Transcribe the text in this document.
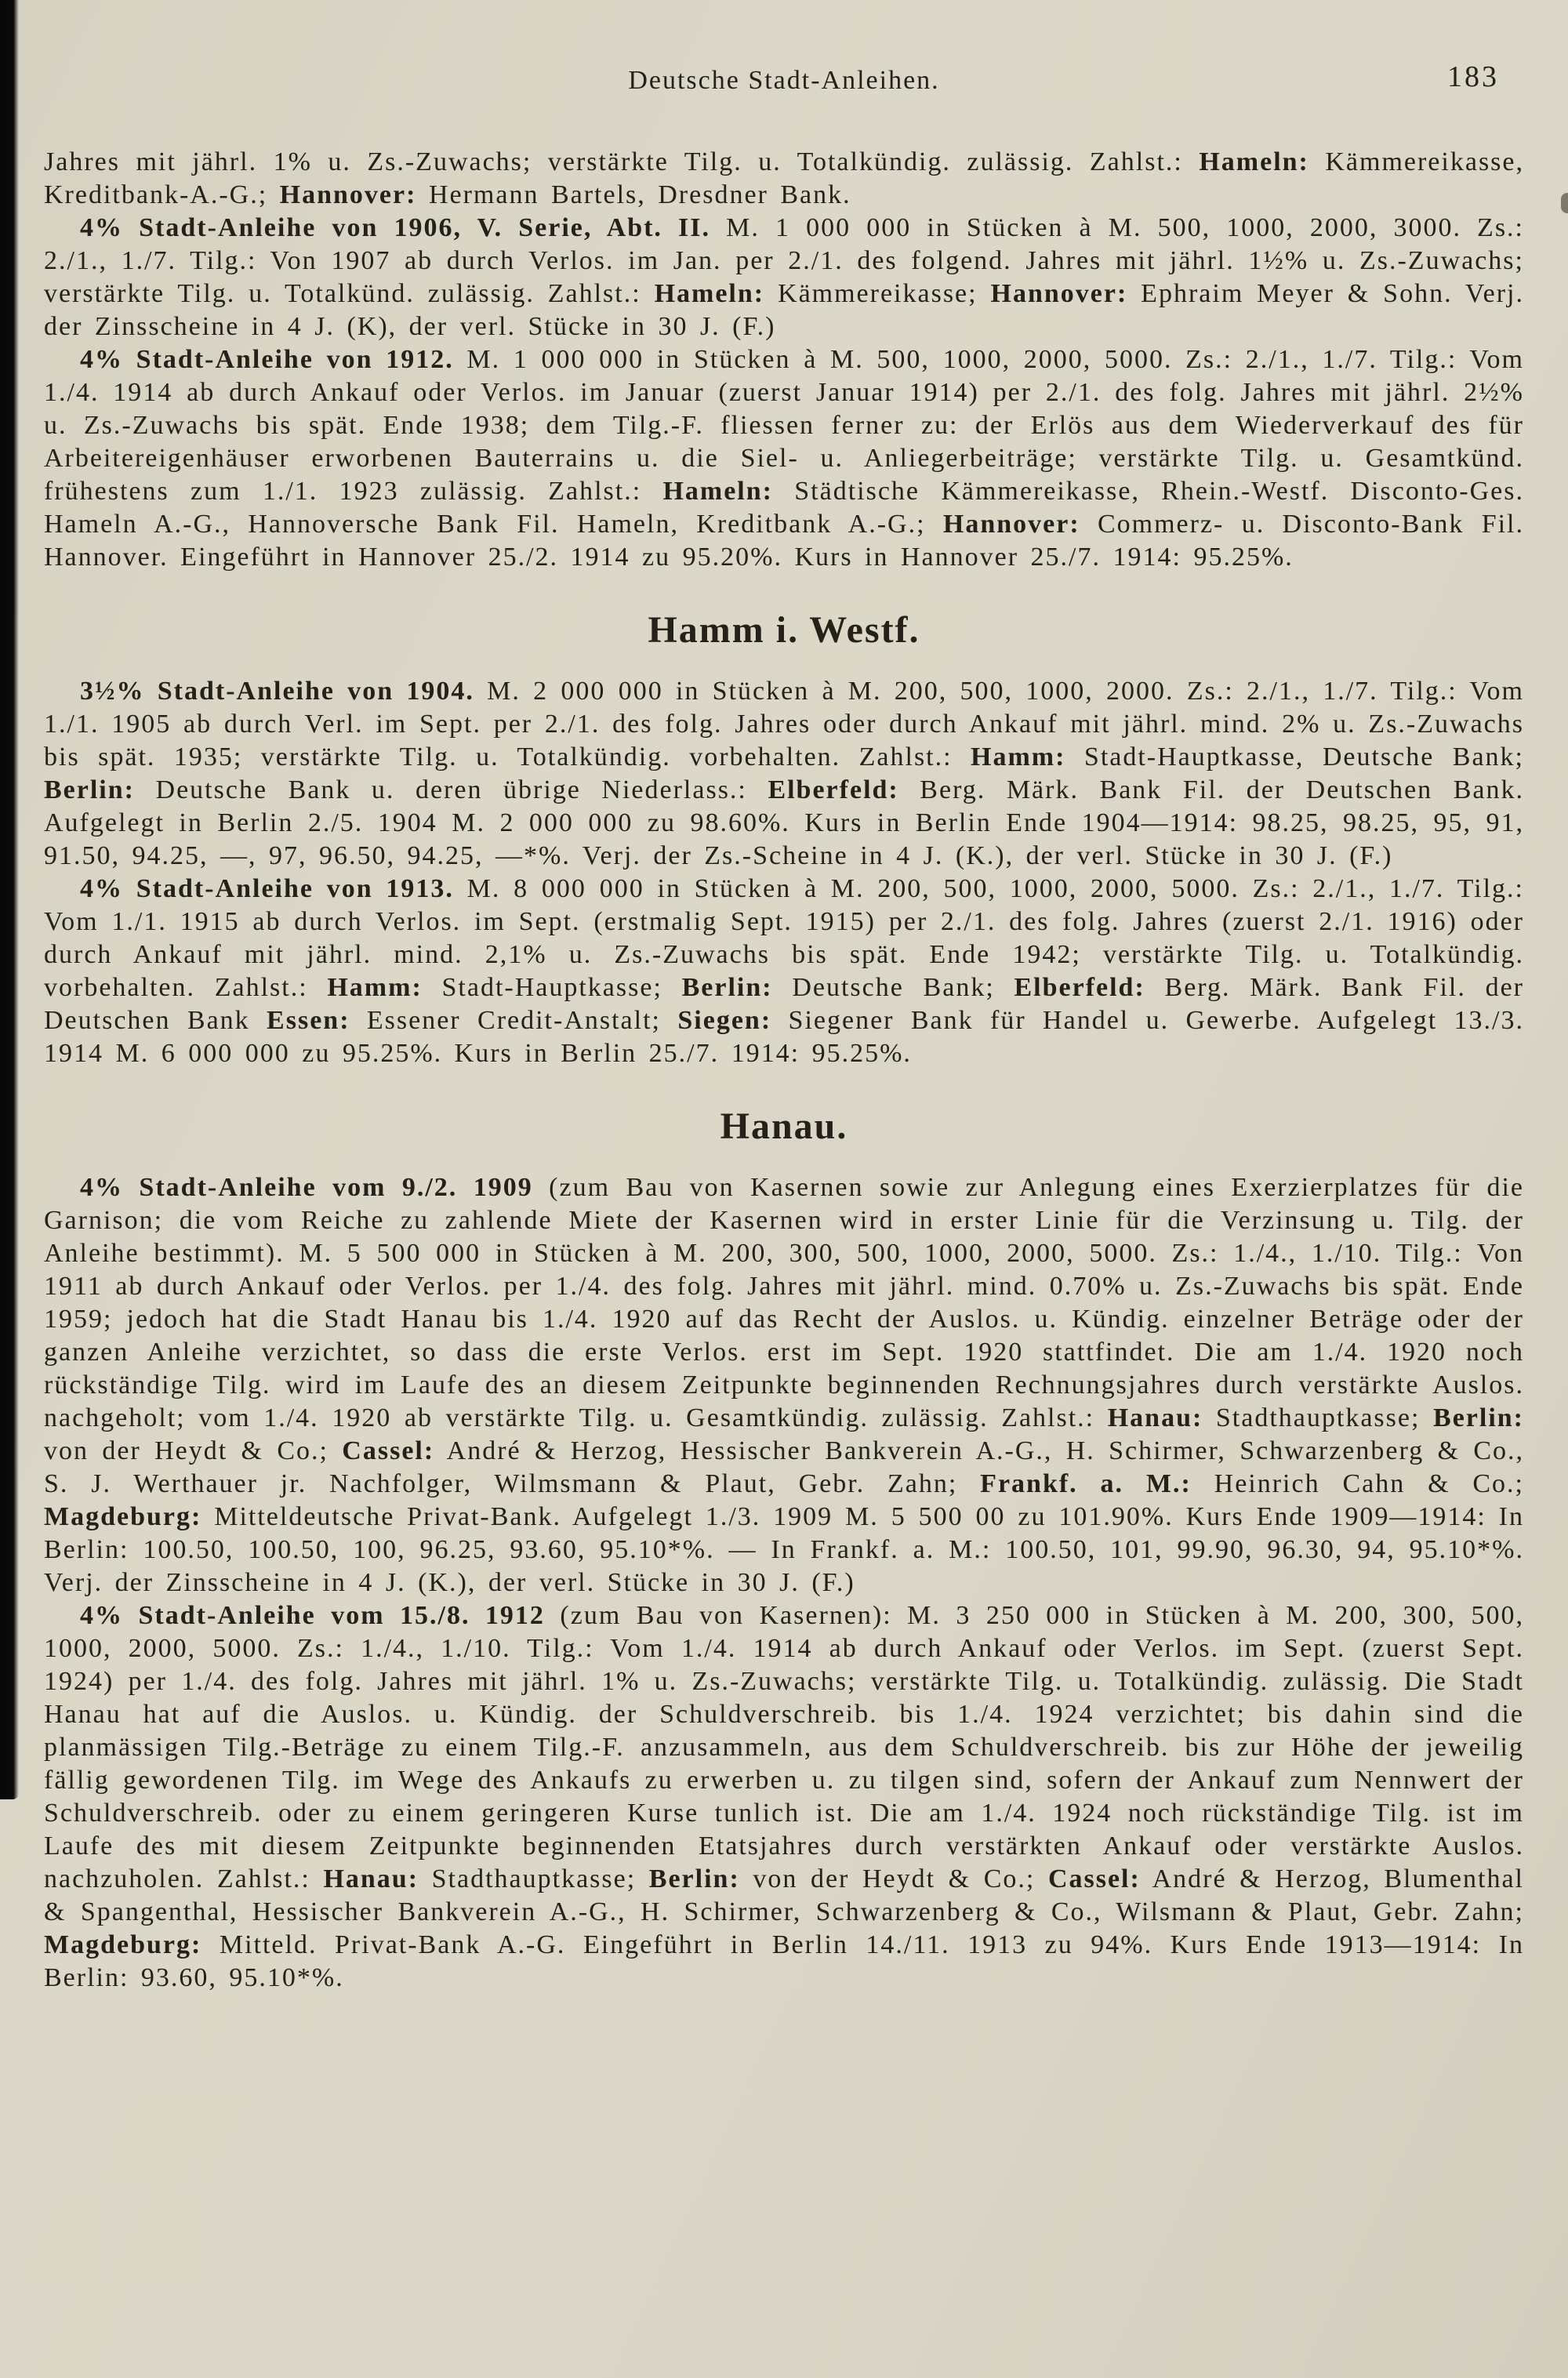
Deutsche Stadt-Anleihen.	183

Jahres mit jährl. 1% u. Zs.-Zuwachs; verstärkte Tilg. u. Totalkündig. zulässig. Zahlst.: Hameln: Kämmereikasse, Kreditbank-A.-G.; Hannover: Hermann Bartels, Dresdner Bank.

4% Stadt-Anleihe von 1906, V. Serie, Abt. II. M. 1 000 000 in Stücken à M. 500, 1000, 2000, 3000. Zs.: 2./1., 1./7. Tilg.: Von 1907 ab durch Verlos. im Jan. per 2./1. des folgend. Jahres mit jährl. 1½% u. Zs.-Zuwachs; verstärkte Tilg. u. Totalkünd. zulässig. Zahlst.: Hameln: Kämmereikasse; Hannover: Ephraim Meyer & Sohn. Verj. der Zinsscheine in 4 J. (K), der verl. Stücke in 30 J. (F.)

4% Stadt-Anleihe von 1912. M. 1 000 000 in Stücken à M. 500, 1000, 2000, 5000. Zs.: 2./1., 1./7. Tilg.: Vom 1./4. 1914 ab durch Ankauf oder Verlos. im Januar (zuerst Januar 1914) per 2./1. des folg. Jahres mit jährl. 2½% u. Zs.-Zuwachs bis spät. Ende 1938; dem Tilg.-F. fliessen ferner zu: der Erlös aus dem Wiederverkauf des für Arbeitereigenhäuser erworbenen Bauterrains u. die Siel- u. Anliegerbeiträge; verstärkte Tilg. u. Gesamtkünd. frühestens zum 1./1. 1923 zulässig. Zahlst.: Hameln: Städtische Kämmereikasse, Rhein.-Westf. Disconto-Ges. Hameln A.-G., Hannoversche Bank Fil. Hameln, Kreditbank A.-G.; Hannover: Commerz- u. Disconto-Bank Fil. Hannover. Eingeführt in Hannover 25./2. 1914 zu 95.20%. Kurs in Hannover 25./7. 1914: 95.25%.

Hamm i. Westf.

3½% Stadt-Anleihe von 1904. M. 2 000 000 in Stücken à M. 200, 500, 1000, 2000. Zs.: 2./1., 1./7. Tilg.: Vom 1./1. 1905 ab durch Verl. im Sept. per 2./1. des folg. Jahres oder durch Ankauf mit jährl. mind. 2% u. Zs.-Zuwachs bis spät. 1935; verstärkte Tilg. u. Totalkündig. vorbehalten. Zahlst.: Hamm: Stadt-Hauptkasse, Deutsche Bank; Berlin: Deutsche Bank u. deren übrige Niederlass.: Elberfeld: Berg. Märk. Bank Fil. der Deutschen Bank. Aufgelegt in Berlin 2./5. 1904 M. 2 000 000 zu 98.60%. Kurs in Berlin Ende 1904—1914: 98.25, 98.25, 95, 91, 91.50, 94.25, —, 97, 96.50, 94.25, —*%. Verj. der Zs.-Scheine in 4 J. (K.), der verl. Stücke in 30 J. (F.)

4% Stadt-Anleihe von 1913. M. 8 000 000 in Stücken à M. 200, 500, 1000, 2000, 5000. Zs.: 2./1., 1./7. Tilg.: Vom 1./1. 1915 ab durch Verlos. im Sept. (erstmalig Sept. 1915) per 2./1. des folg. Jahres (zuerst 2./1. 1916) oder durch Ankauf mit jährl. mind. 2,1% u. Zs.-Zuwachs bis spät. Ende 1942; verstärkte Tilg. u. Totalkündig. vorbehalten. Zahlst.: Hamm: Stadt-Hauptkasse; Berlin: Deutsche Bank; Elberfeld: Berg. Märk. Bank Fil. der Deutschen Bank Essen: Essener Credit-Anstalt; Siegen: Siegener Bank für Handel u. Gewerbe. Aufgelegt 13./3. 1914 M. 6 000 000 zu 95.25%. Kurs in Berlin 25./7. 1914: 95.25%.

Hanau.

4% Stadt-Anleihe vom 9./2. 1909 (zum Bau von Kasernen sowie zur Anlegung eines Exerzierplatzes für die Garnison; die vom Reiche zu zahlende Miete der Kasernen wird in erster Linie für die Verzinsung u. Tilg. der Anleihe bestimmt). M. 5 500 000 in Stücken à M. 200, 300, 500, 1000, 2000, 5000. Zs.: 1./4., 1./10. Tilg.: Von 1911 ab durch Ankauf oder Verlos. per 1./4. des folg. Jahres mit jährl. mind. 0.70% u. Zs.-Zuwachs bis spät. Ende 1959; jedoch hat die Stadt Hanau bis 1./4. 1920 auf das Recht der Auslos. u. Kündig. einzelner Beträge oder der ganzen Anleihe verzichtet, so dass die erste Verlos. erst im Sept. 1920 stattfindet. Die am 1./4. 1920 noch rückständige Tilg. wird im Laufe des an diesem Zeitpunkte beginnenden Rechnungsjahres durch verstärkte Auslos. nachgeholt; vom 1./4. 1920 ab verstärkte Tilg. u. Gesamtkündig. zulässig. Zahlst.: Hanau: Stadthauptkasse; Berlin: von der Heydt & Co.; Cassel: André & Herzog, Hessischer Bankverein A.-G., H. Schirmer, Schwarzenberg & Co., S. J. Werthauer jr. Nachfolger, Wilmsmann & Plaut, Gebr. Zahn; Frankf. a. M.: Heinrich Cahn & Co.; Magdeburg: Mitteldeutsche Privat-Bank. Aufgelegt 1./3. 1909 M. 5 500 00 zu 101.90%. Kurs Ende 1909—1914: In Berlin: 100.50, 100.50, 100, 96.25, 93.60, 95.10*%. — In Frankf. a. M.: 100.50, 101, 99.90, 96.30, 94, 95.10*%. Verj. der Zinsscheine in 4 J. (K.), der verl. Stücke in 30 J. (F.)

4% Stadt-Anleihe vom 15./8. 1912 (zum Bau von Kasernen): M. 3 250 000 in Stücken à M. 200, 300, 500, 1000, 2000, 5000. Zs.: 1./4., 1./10. Tilg.: Vom 1./4. 1914 ab durch Ankauf oder Verlos. im Sept. (zuerst Sept. 1924) per 1./4. des folg. Jahres mit jährl. 1% u. Zs.-Zuwachs; verstärkte Tilg. u. Totalkündig. zulässig. Die Stadt Hanau hat auf die Auslos. u. Kündig. der Schuldverschreib. bis 1./4. 1924 verzichtet; bis dahin sind die planmässigen Tilg.-Beträge zu einem Tilg.-F. anzusammeln, aus dem Schuldverschreib. bis zur Höhe der jeweilig fällig gewordenen Tilg. im Wege des Ankaufs zu erwerben u. zu tilgen sind, sofern der Ankauf zum Nennwert der Schuldverschreib. oder zu einem geringeren Kurse tunlich ist. Die am 1./4. 1924 noch rückständige Tilg. ist im Laufe des mit diesem Zeitpunkte beginnenden Etatsjahres durch verstärkten Ankauf oder verstärkte Auslos. nachzuholen. Zahlst.: Hanau: Stadthauptkasse; Berlin: von der Heydt & Co.; Cassel: André & Herzog, Blumenthal & Spangenthal, Hessischer Bankverein A.-G., H. Schirmer, Schwarzenberg & Co., Wilsmann & Plaut, Gebr. Zahn; Magdeburg: Mitteld. Privat-Bank A.-G. Eingeführt in Berlin 14./11. 1913 zu 94%. Kurs Ende 1913—1914: In Berlin: 93.60, 95.10*%.
